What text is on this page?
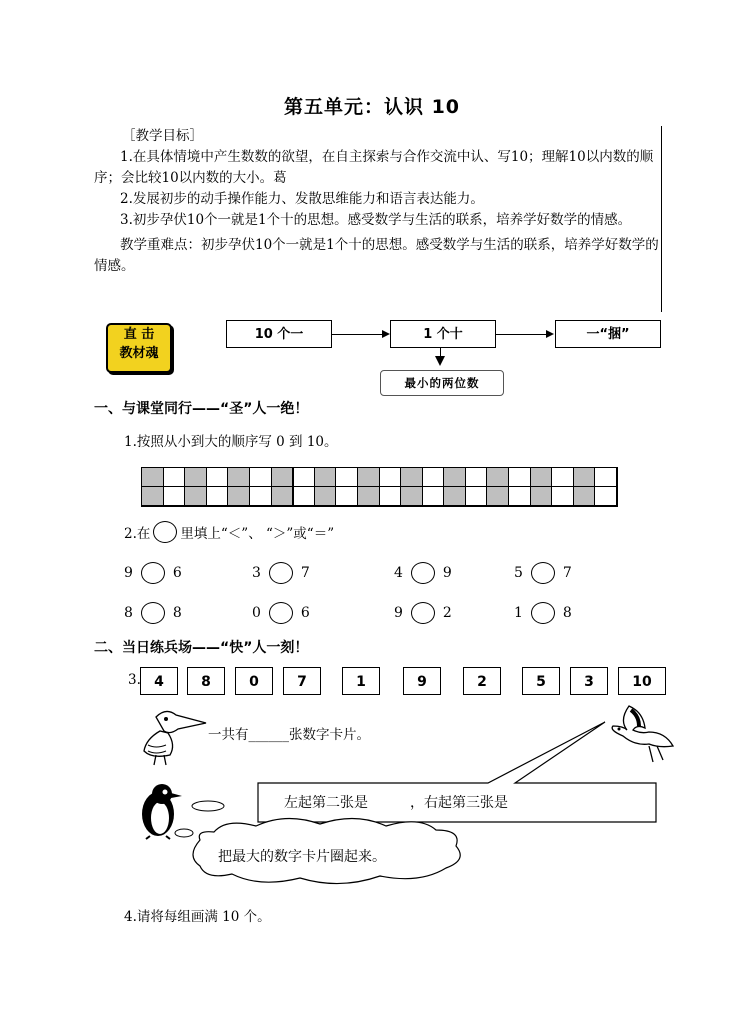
第五单元：认识 10

［教学目标］

1.在具体情境中产生数数的欲望，在自主探索与合作交流中认、写10；理解10以内数的顺序；会比较10以内数的大小。葛

2.发展初步的动手操作能力、发散思维能力和语言表达能力。

3.初步孕伏10个一就是1个十的思想。感受数学与生活的联系，培养学好数学的情感。

教学重难点：初步孕伏10个一就是1个十的思想。感受数学与生活的联系，培养学好数学的情感。

直 击
教材魂
10 个一	1 个十	一“捆”
最小的两位数
一、与课堂同行——“圣”人一绝！
1.按照从小到大的顺序写 0 到 10。
2.在 里填上“＜”、 “＞”或“＝”
9	6	3	7	4	9	5	7
8	8	0	6	9	2	1	8
二、当日练兵场——“快”人一刻！
3. 4	8	0	7	1	9	2	5	3	10
一共有______张数字卡片。
左起第二张是　　　，右起第三张是
把最大的数字卡片圈起来。
4.请将每组画满 10 个。
